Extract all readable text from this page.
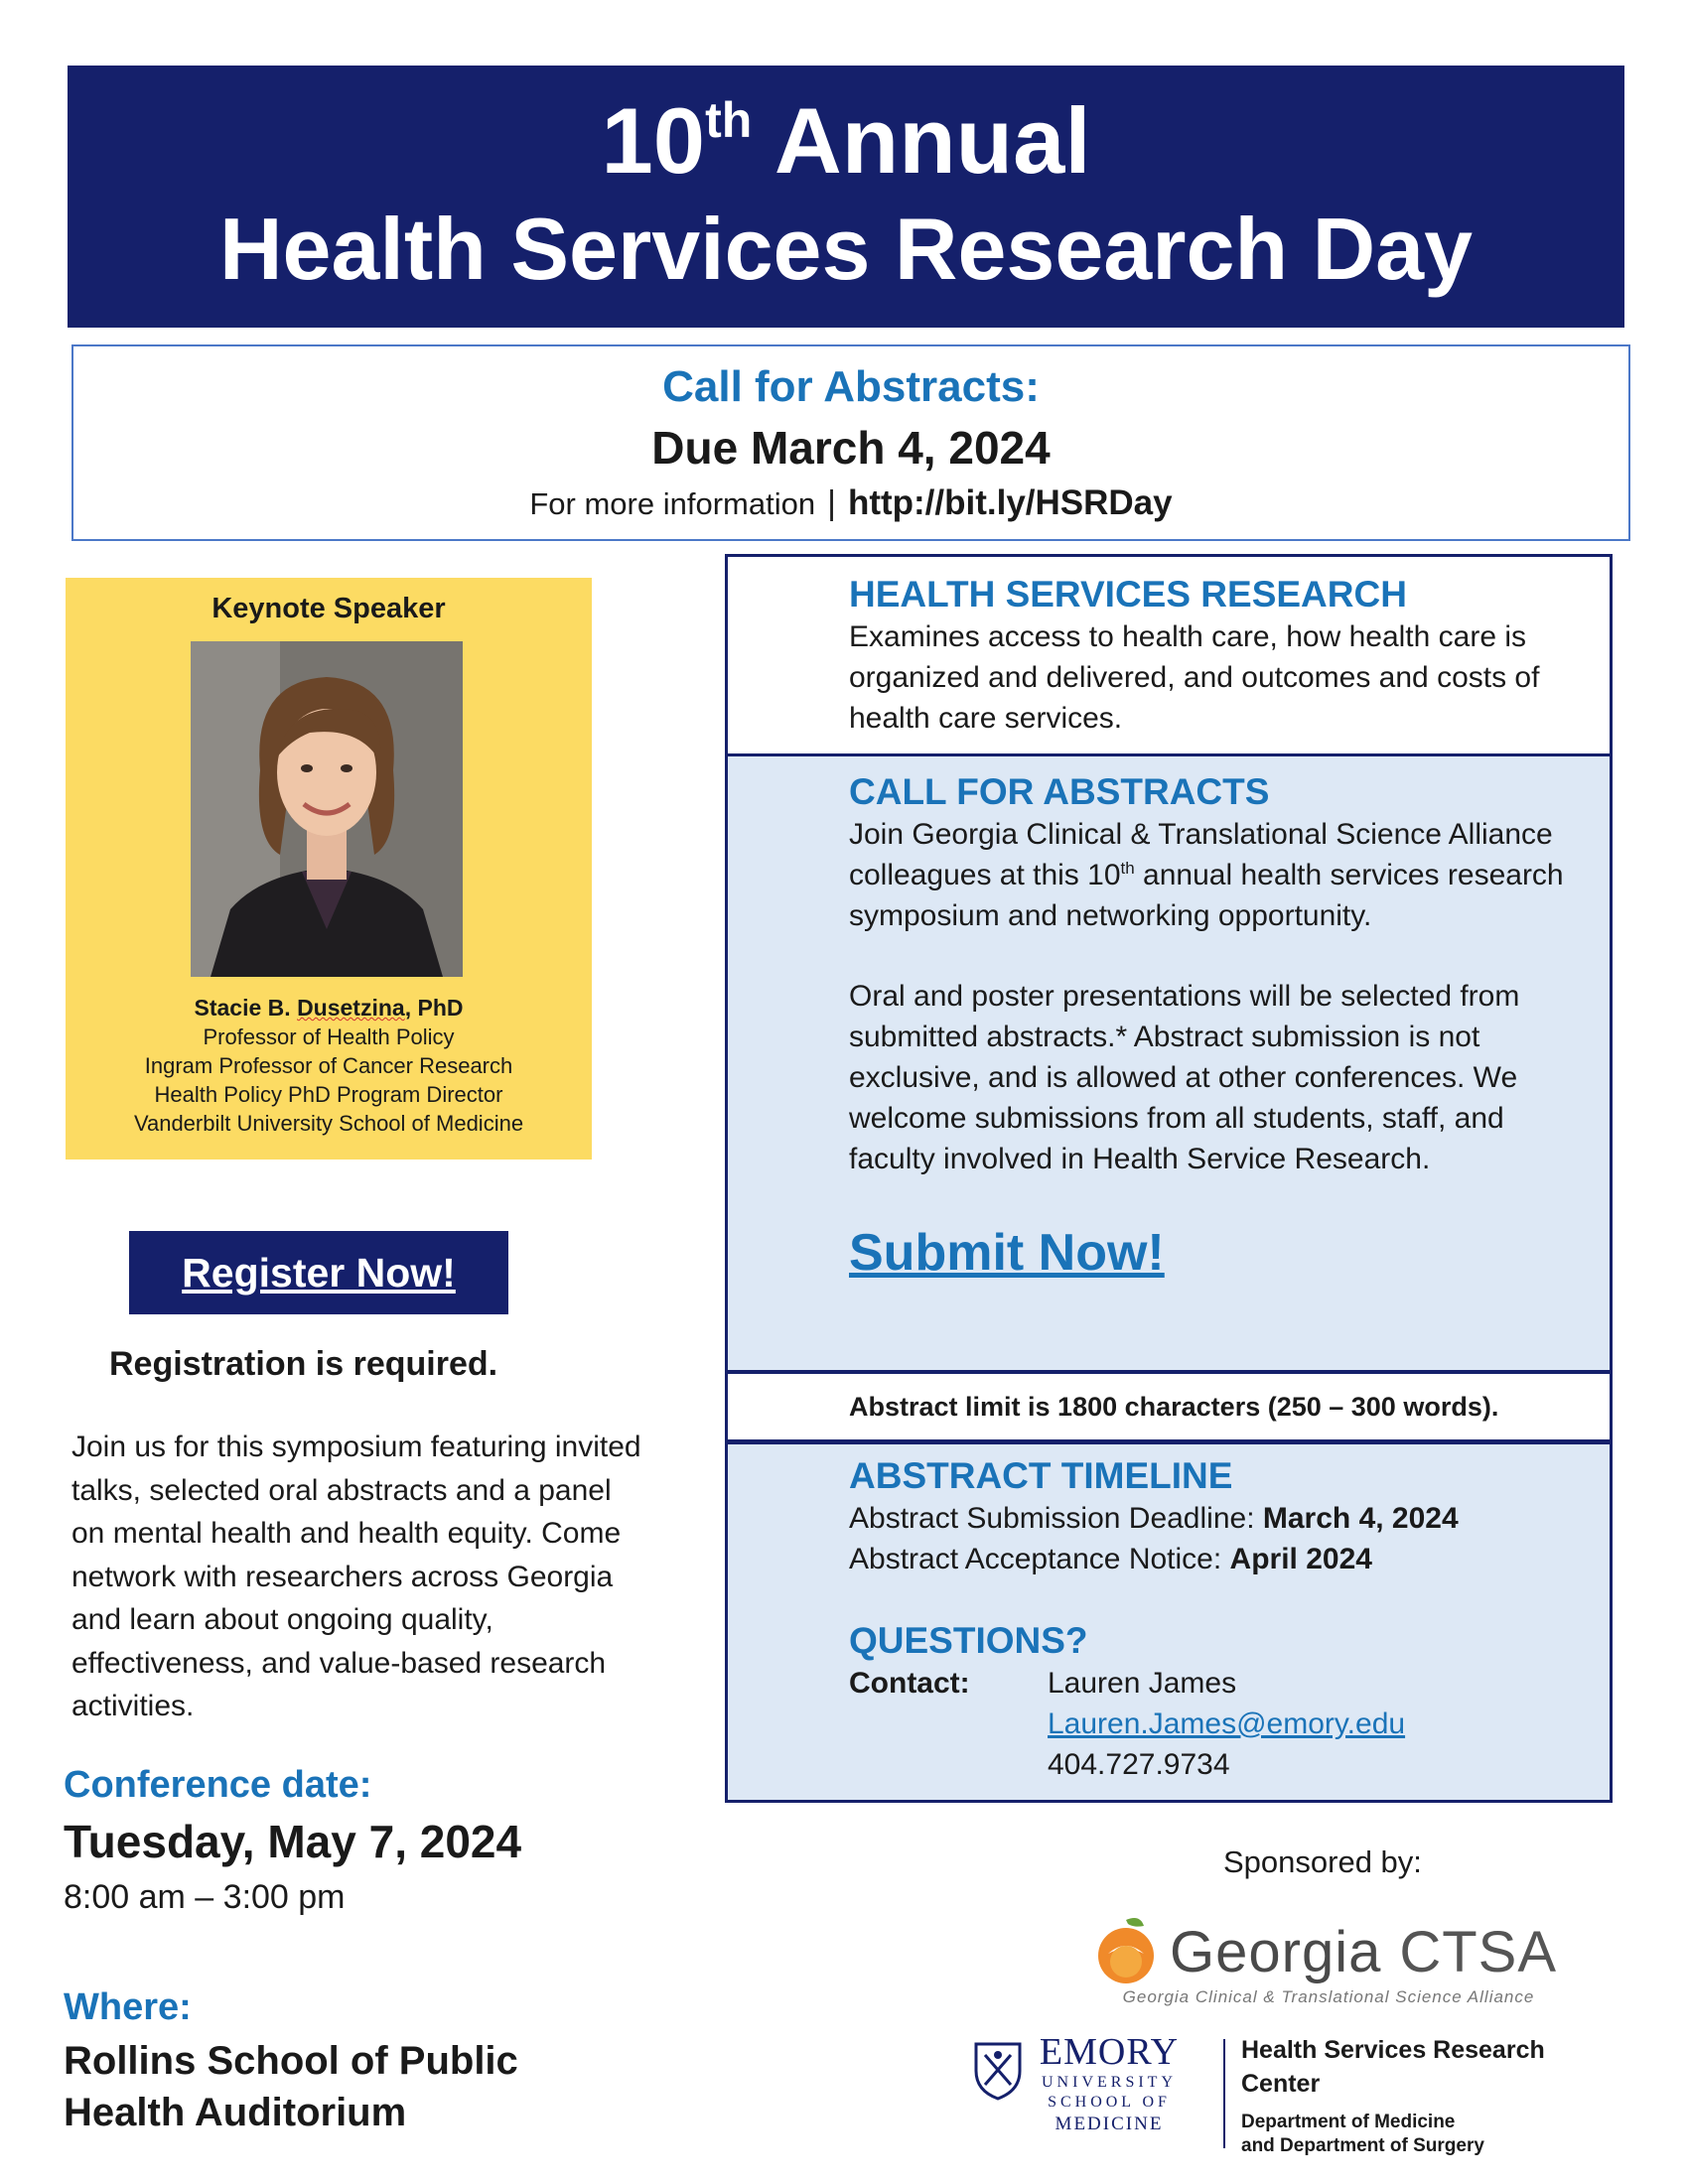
10th Annual
Health Services Research Day
Call for Abstracts:
Due March 4, 2024
For more information | http://bit.ly/HSRDay
Keynote Speaker
Stacie B. Dusetzina, PhD
Professor of Health Policy
Ingram Professor of Cancer Research
Health Policy PhD Program Director
Vanderbilt University School of Medicine
Register Now!
Registration is required.
Join us for this symposium featuring invited talks, selected oral abstracts and a panel on mental health and health equity. Come network with researchers across Georgia and learn about ongoing quality, effectiveness, and value-based research activities.
Conference date:
Tuesday, May 7, 2024
8:00 am – 3:00 pm
Where:
Rollins School of Public
Health Auditorium
HEALTH SERVICES RESEARCH
Examines access to health care, how health care is organized and delivered, and outcomes and costs of health care services.
CALL FOR ABSTRACTS
Join Georgia Clinical & Translational Science Alliance colleagues at this 10th annual health services research symposium and networking opportunity.
Oral and poster presentations will be selected from submitted abstracts.* Abstract submission is not exclusive, and is allowed at other conferences. We welcome submissions from all students, staff, and faculty involved in Health Service Research.
Submit Now!
Abstract limit is 1800 characters (250 – 300 words).
ABSTRACT TIMELINE
Abstract Submission Deadline: March 4, 2024
Abstract Acceptance Notice: April 2024
QUESTIONS?
Contact:	Lauren James
Lauren.James@emory.edu
404.727.9734
Sponsored by:
Georgia CTSA
Georgia Clinical & Translational Science Alliance
EMORY
UNIVERSITY
SCHOOL OF
MEDICINE
Health Services Research Center
Department of Medicine
and Department of Surgery
